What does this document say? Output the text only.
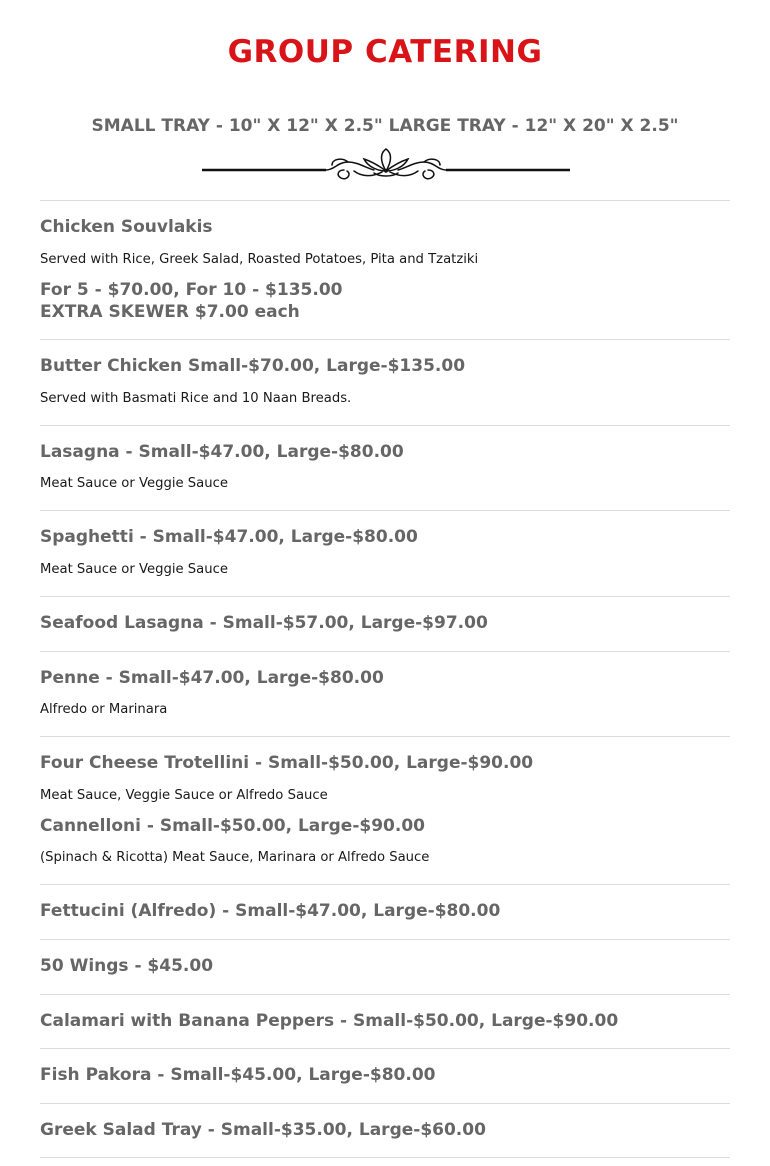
GROUP CATERING

SMALL TRAY - 10" X 12" X 2.5" LARGE TRAY - 12" X 20" X 2.5"

Chicken Souvlakis
Served with Rice, Greek Salad, Roasted Potatoes, Pita and Tzatziki
For 5 - $70.00, For 10 - $135.00
EXTRA SKEWER $7.00 each
Butter Chicken Small-$70.00, Large-$135.00
Served with Basmati Rice and 10 Naan Breads.
Lasagna - Small-$47.00, Large-$80.00
Meat Sauce or Veggie Sauce
Spaghetti - Small-$47.00, Large-$80.00
Meat Sauce or Veggie Sauce
Seafood Lasagna - Small-$57.00, Large-$97.00
Penne - Small-$47.00, Large-$80.00
Alfredo or Marinara
Four Cheese Trotellini - Small-$50.00, Large-$90.00
Meat Sauce, Veggie Sauce or Alfredo Sauce
Cannelloni - Small-$50.00, Large-$90.00
(Spinach & Ricotta) Meat Sauce, Marinara or Alfredo Sauce
Fettucini (Alfredo) - Small-$47.00, Large-$80.00
50 Wings - $45.00
Calamari with Banana Peppers - Small-$50.00, Large-$90.00
Fish Pakora - Small-$45.00, Large-$80.00
Greek Salad Tray - Small-$35.00, Large-$60.00
